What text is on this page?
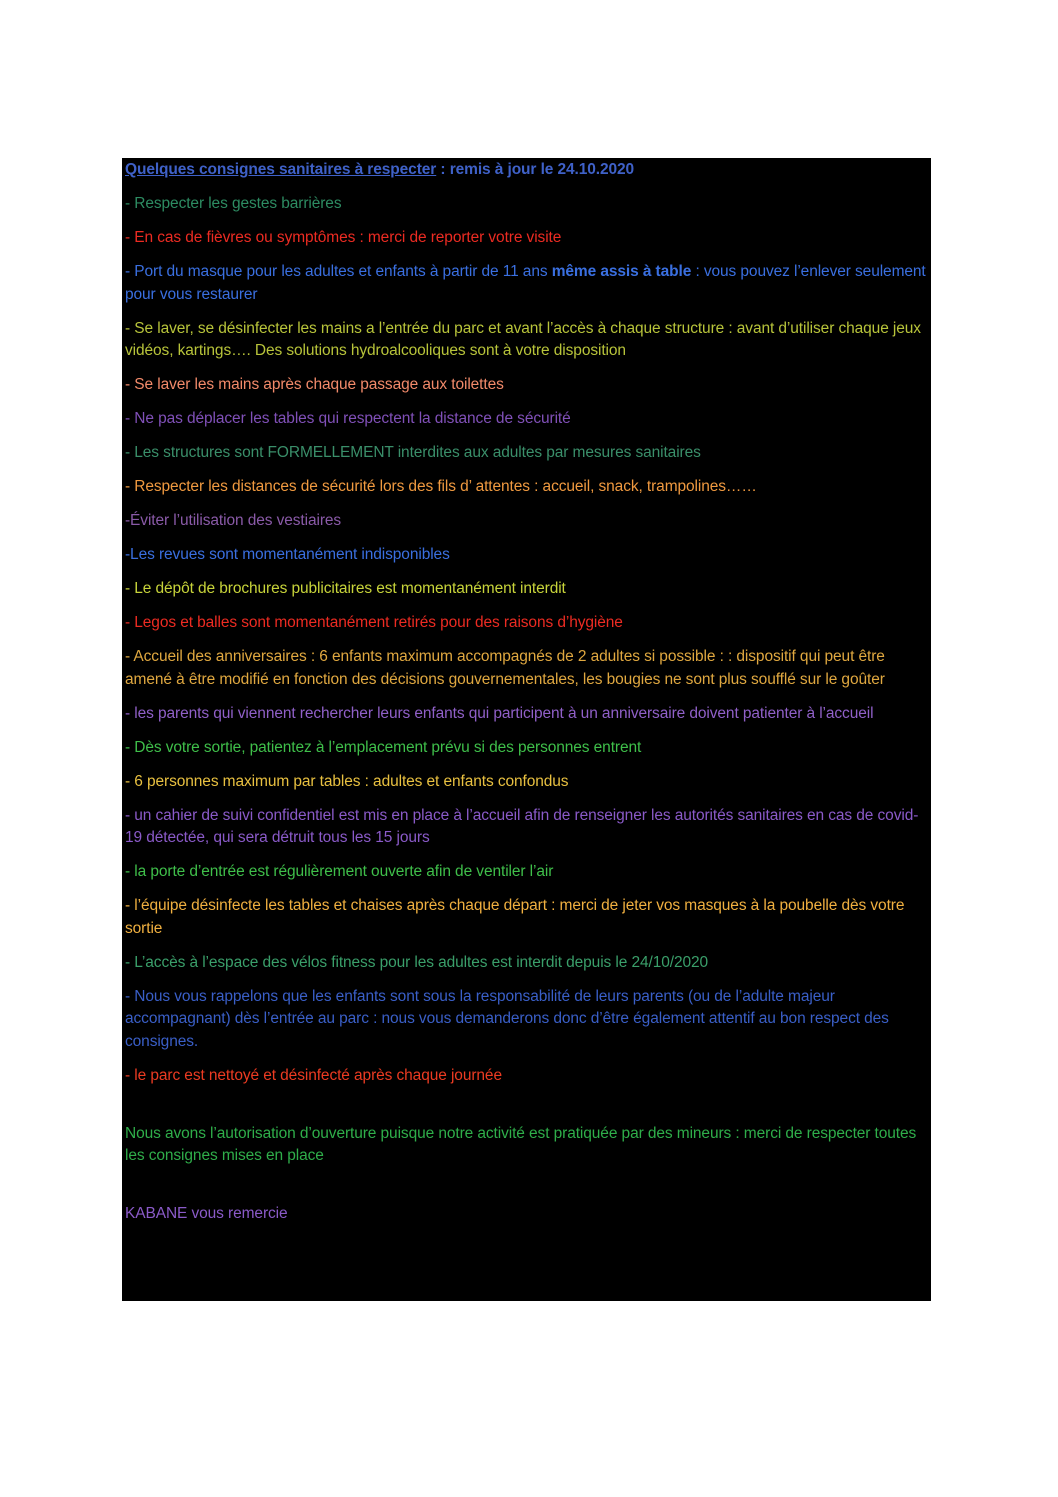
Quelques consignes sanitaires à respecter : remis à jour le 24.10.2020

- Respecter les gestes barrières

- En cas de fièvres ou symptômes : merci de reporter votre visite

- Port du masque pour les adultes et enfants à partir de 11 ans même assis à table : vous pouvez l’enlever seulement pour vous restaurer

- Se laver, se désinfecter les mains a l’entrée du parc et avant l’accès à chaque structure : avant d’utiliser chaque jeux vidéos, kartings…. Des solutions hydroalcooliques sont à votre disposition

- Se laver les mains après chaque passage aux toilettes

- Ne pas déplacer les tables qui respectent la distance de sécurité

- Les structures sont FORMELLEMENT interdites aux adultes par mesures sanitaires

- Respecter les distances de sécurité lors des fils d’ attentes : accueil, snack, trampolines……

-Éviter l’utilisation des vestiaires

-Les revues sont momentanément indisponibles

- Le dépôt de brochures publicitaires est momentanément interdit

- Legos et balles sont momentanément retirés pour des raisons d’hygiène

- Accueil des anniversaires : 6 enfants maximum accompagnés de 2 adultes si possible : : dispositif qui peut être amené à être modifié en fonction des décisions gouvernementales, les bougies ne sont plus soufflé sur le goûter

- les parents qui viennent rechercher leurs enfants qui participent à un anniversaire doivent patienter à l’accueil

- Dès votre sortie, patientez à l’emplacement prévu si des personnes entrent

- 6 personnes maximum par tables : adultes et enfants confondus

- un cahier de suivi confidentiel est mis en place à l’accueil afin de renseigner les autorités sanitaires en cas de covid-19 détectée, qui sera détruit tous les 15 jours

- la porte d’entrée est régulièrement ouverte afin de ventiler l’air

- l’équipe désinfecte les tables et chaises après chaque départ : merci de jeter vos masques à la poubelle dès votre sortie

- L’accès à l’espace des vélos fitness pour les adultes est interdit depuis le 24/10/2020

- Nous vous rappelons que les enfants sont sous la responsabilité de leurs parents (ou de l’adulte majeur accompagnant) dès l’entrée au parc : nous vous demanderons donc d’être également attentif au bon respect des consignes.

- le parc est nettoyé et désinfecté après chaque journée

Nous avons l’autorisation d’ouverture puisque notre activité est pratiquée par des mineurs : merci de respecter toutes les consignes mises en place

KABANE vous remercie
